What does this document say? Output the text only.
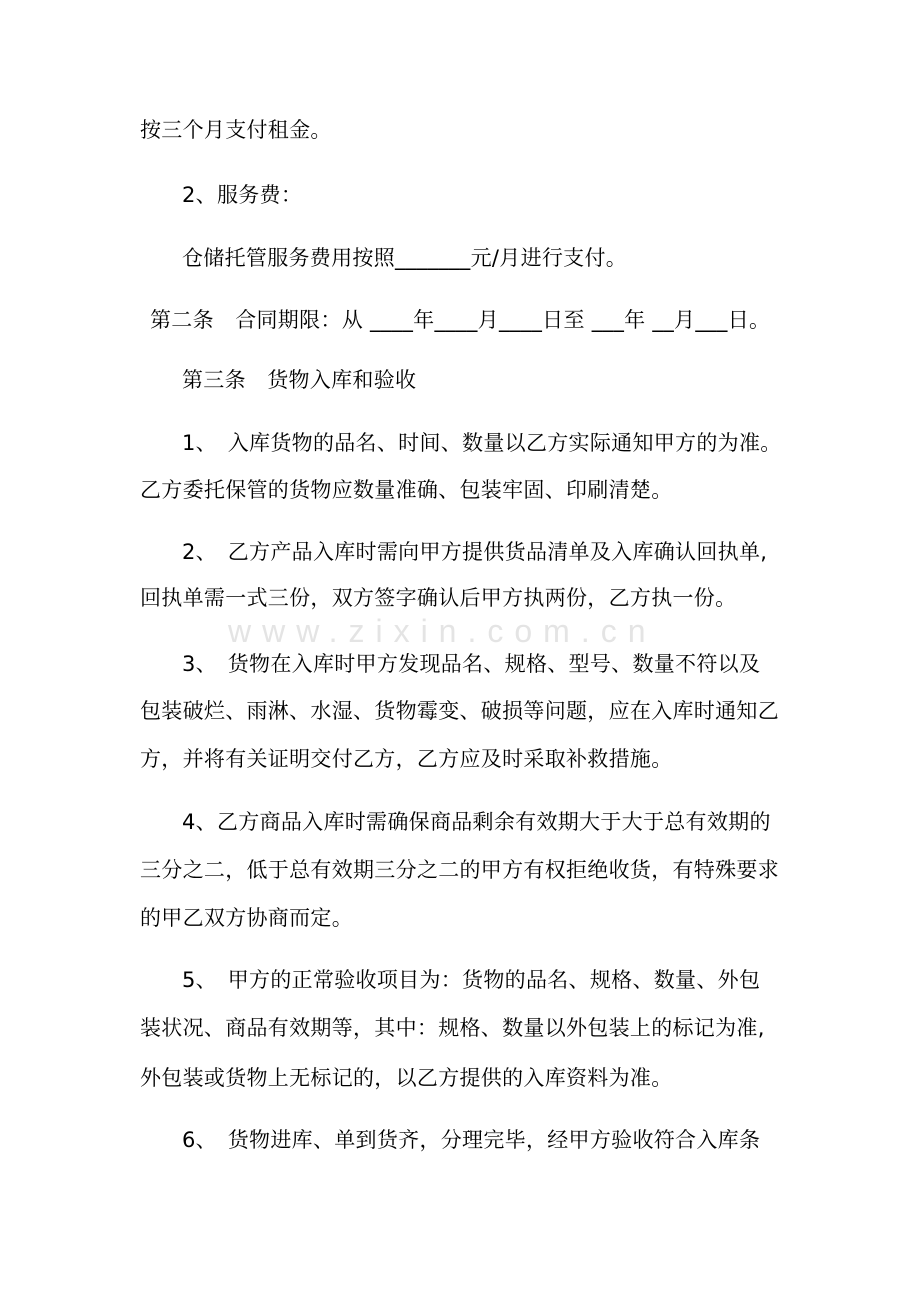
www.zixin.com.cn
按三个月支付租金。
2、服务费：
仓储托管服务费用按照_______元/月进行支付。
第二条　合同期限：从 ____年____月____日至 ___年 __月___日。
第三条　货物入库和验收
1、　入库货物的品名、时间、数量以乙方实际通知甲方的为准。
乙方委托保管的货物应数量准确、包装牢固、印刷清楚。
2、　乙方产品入库时需向甲方提供货品清单及入库确认回执单,
回执单需一式三份，双方签字确认后甲方执两份，乙方执一份。
3、　货物在入库时甲方发现品名、规格、型号、数量不符以及
包装破烂、雨淋、水湿、货物霉变、破损等问题，应在入库时通知乙
方，并将有关证明交付乙方，乙方应及时采取补救措施。
4、乙方商品入库时需确保商品剩余有效期大于大于总有效期的
三分之二，低于总有效期三分之二的甲方有权拒绝收货，有特殊要求
的甲乙双方协商而定。
5、　甲方的正常验收项目为：货物的品名、规格、数量、外包
装状况、商品有效期等，其中：规格、数量以外包装上的标记为准,
外包装或货物上无标记的，以乙方提供的入库资料为准。
6、　货物进库、单到货齐，分理完毕，经甲方验收符合入库条
